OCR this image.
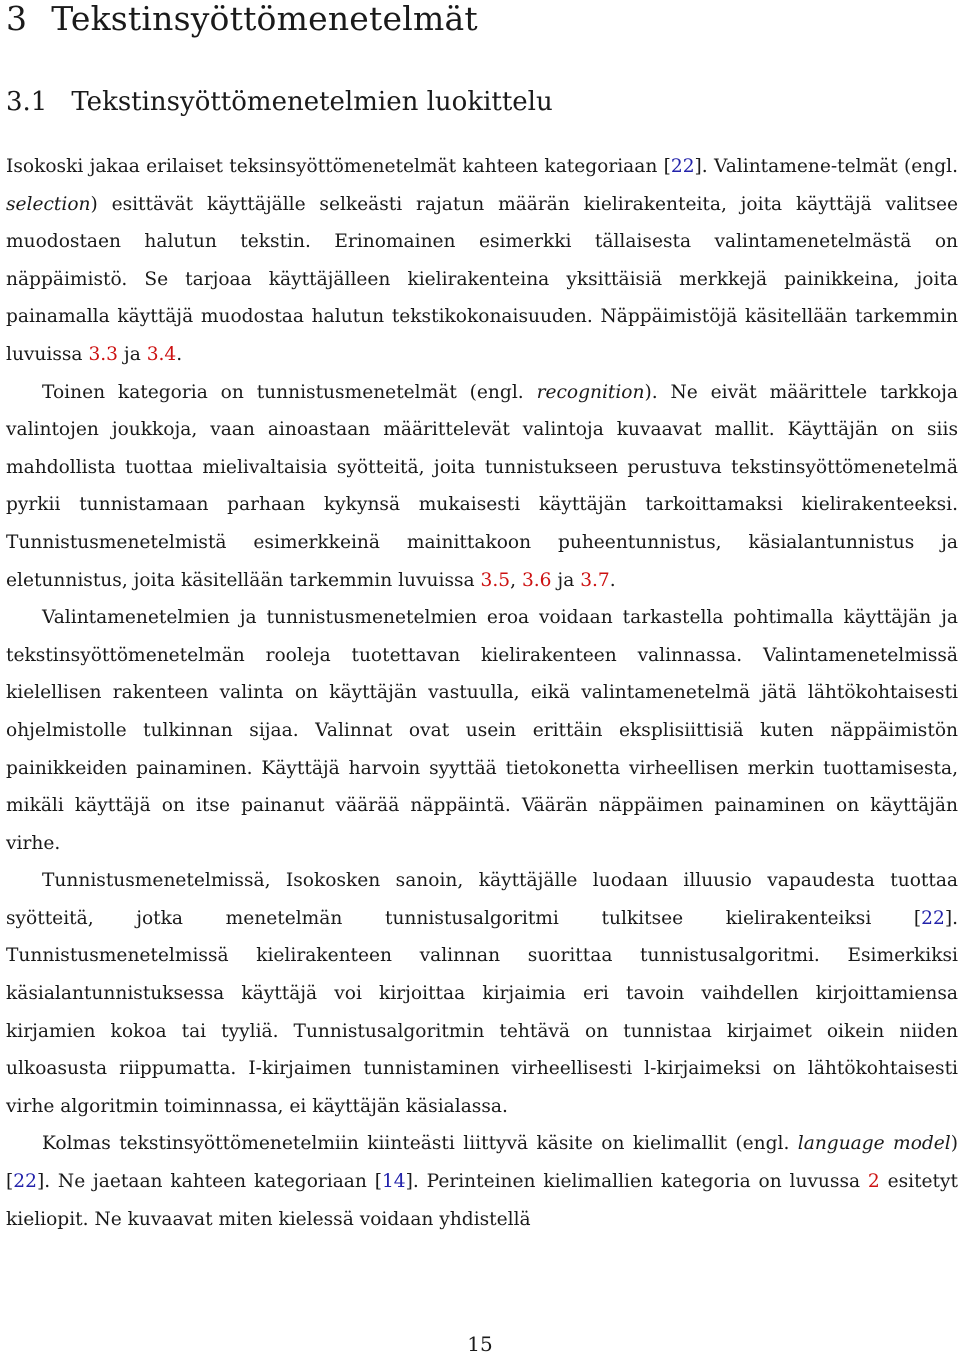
3 Tekstinsyöttömenetelmät
3.1 Tekstinsyöttömenetelmien luokittelu

Isokoski jakaa erilaiset teksinsyöttömenetelmät kahteen kategoriaan [22]. Valintamene-telmät (engl. selection) esittävät käyttäjälle selkeästi rajatun määrän kielirakenteita, joita käyttäjä valitsee muodostaen halutun tekstin. Erinomainen esimerkki tällaisesta valintamenetelmästä on näppäimistö. Se tarjoaa käyttäjälleen kielirakenteina yksittäisiä merkkejä painikkeina, joita painamalla käyttäjä muodostaa halutun tekstikokonaisuuden. Näppäimistöjä käsitellään tarkemmin luvuissa 3.3 ja 3.4.

Toinen kategoria on tunnistusmenetelmät (engl. recognition). Ne eivät määrittele tarkkoja valintojen joukkoja, vaan ainoastaan määrittelevät valintoja kuvaavat mallit. Käyttäjän on siis mahdollista tuottaa mielivaltaisia syötteitä, joita tunnistukseen perustuva tekstinsyöttömenetelmä pyrkii tunnistamaan parhaan kykynsä mukaisesti käyttäjän tarkoittamaksi kielirakenteeksi. Tunnistusmenetelmistä esimerkkeinä mainittakoon puheentunnistus, käsialantunnistus ja eletunnistus, joita käsitellään tarkemmin luvuissa 3.5, 3.6 ja 3.7.

Valintamenetelmien ja tunnistusmenetelmien eroa voidaan tarkastella pohtimalla käyttäjän ja tekstinsyöttömenetelmän rooleja tuotettavan kielirakenteen valinnassa. Valintamenetelmissä kielellisen rakenteen valinta on käyttäjän vastuulla, eikä valintamenetelmä jätä lähtökohtaisesti ohjelmistolle tulkinnan sijaa. Valinnat ovat usein erittäin eksplisiittisiä kuten näppäimistön painikkeiden painaminen. Käyttäjä harvoin syyttää tietokonetta virheellisen merkin tuottamisesta, mikäli käyttäjä on itse painanut väärää näppäintä. Väärän näppäimen painaminen on käyttäjän virhe.

Tunnistusmenetelmissä, Isokosken sanoin, käyttäjälle luodaan illuusio vapaudesta tuottaa syötteitä, jotka menetelmän tunnistusalgoritmi tulkitsee kielirakenteiksi [22]. Tunnistusmenetelmissä kielirakenteen valinnan suorittaa tunnistusalgoritmi. Esimerkiksi käsialantunnistuksessa käyttäjä voi kirjoittaa kirjaimia eri tavoin vaihdellen kirjoittamiensa kirjamien kokoa tai tyyliä. Tunnistusalgoritmin tehtävä on tunnistaa kirjaimet oikein niiden ulkoasusta riippumatta. I-kirjaimen tunnistaminen virheellisesti l-kirjaimeksi on lähtökohtaisesti virhe algoritmin toiminnassa, ei käyttäjän käsialassa.

Kolmas tekstinsyöttömenetelmiin kiinteästi liittyvä käsite on kielimallit (engl. language model) [22]. Ne jaetaan kahteen kategoriaan [14]. Perinteinen kielimallien kategoria on luvussa 2 esitetyt kieliopit. Ne kuvaavat miten kielessä voidaan yhdistellä

15
